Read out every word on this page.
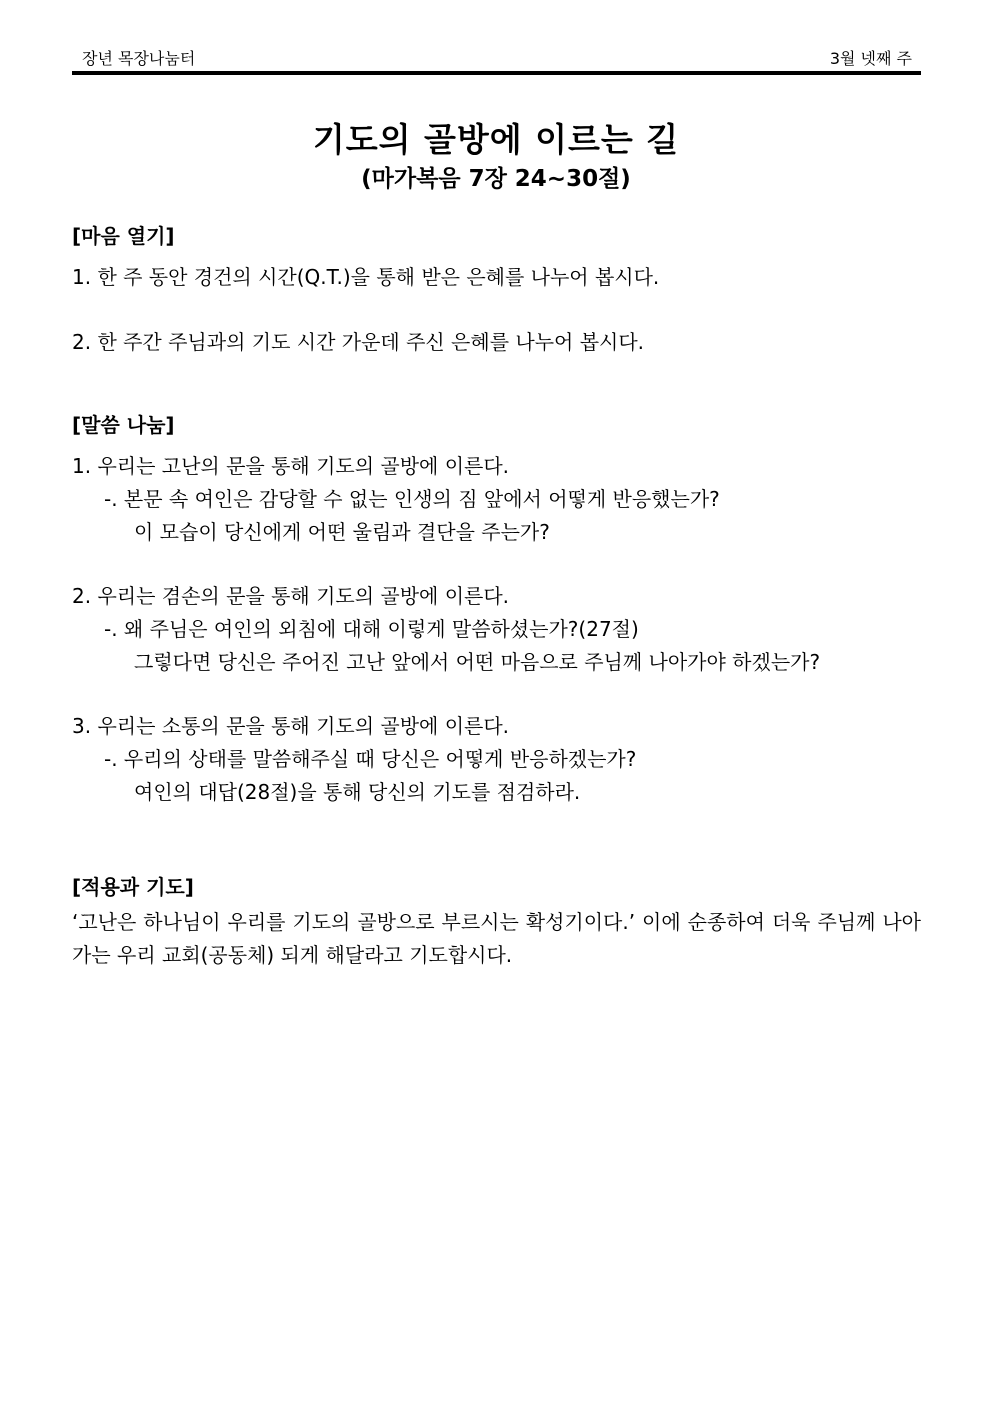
장년 목장나눔터	3월 넷째 주
기도의 골방에 이르는 길
(마가복음 7장 24~30절)
[마음 열기]
1. 한 주 동안 경건의 시간(Q.T.)을 통해 받은 은혜를 나누어 봅시다.
2. 한 주간 주님과의 기도 시간 가운데 주신 은혜를 나누어 봅시다.
[말씀 나눔]
1. 우리는 고난의 문을 통해 기도의 골방에 이른다.
-. 본문 속 여인은 감당할 수 없는 인생의 짐 앞에서 어떻게 반응했는가?
이 모습이 당신에게 어떤 울림과 결단을 주는가?
2. 우리는 겸손의 문을 통해 기도의 골방에 이른다.
-. 왜 주님은 여인의 외침에 대해 이렇게 말씀하셨는가?(27절)
그렇다면 당신은 주어진 고난 앞에서 어떤 마음으로 주님께 나아가야 하겠는가?
3. 우리는 소통의 문을 통해 기도의 골방에 이른다.
-. 우리의 상태를 말씀해주실 때 당신은 어떻게 반응하겠는가?
여인의 대답(28절)을 통해 당신의 기도를 점검하라.
[적용과 기도]
‘고난은 하나님이 우리를 기도의 골방으로 부르시는 확성기이다.’ 이에 순종하여 더욱 주님께 나아가는 우리 교회(공동체) 되게 해달라고 기도합시다.
